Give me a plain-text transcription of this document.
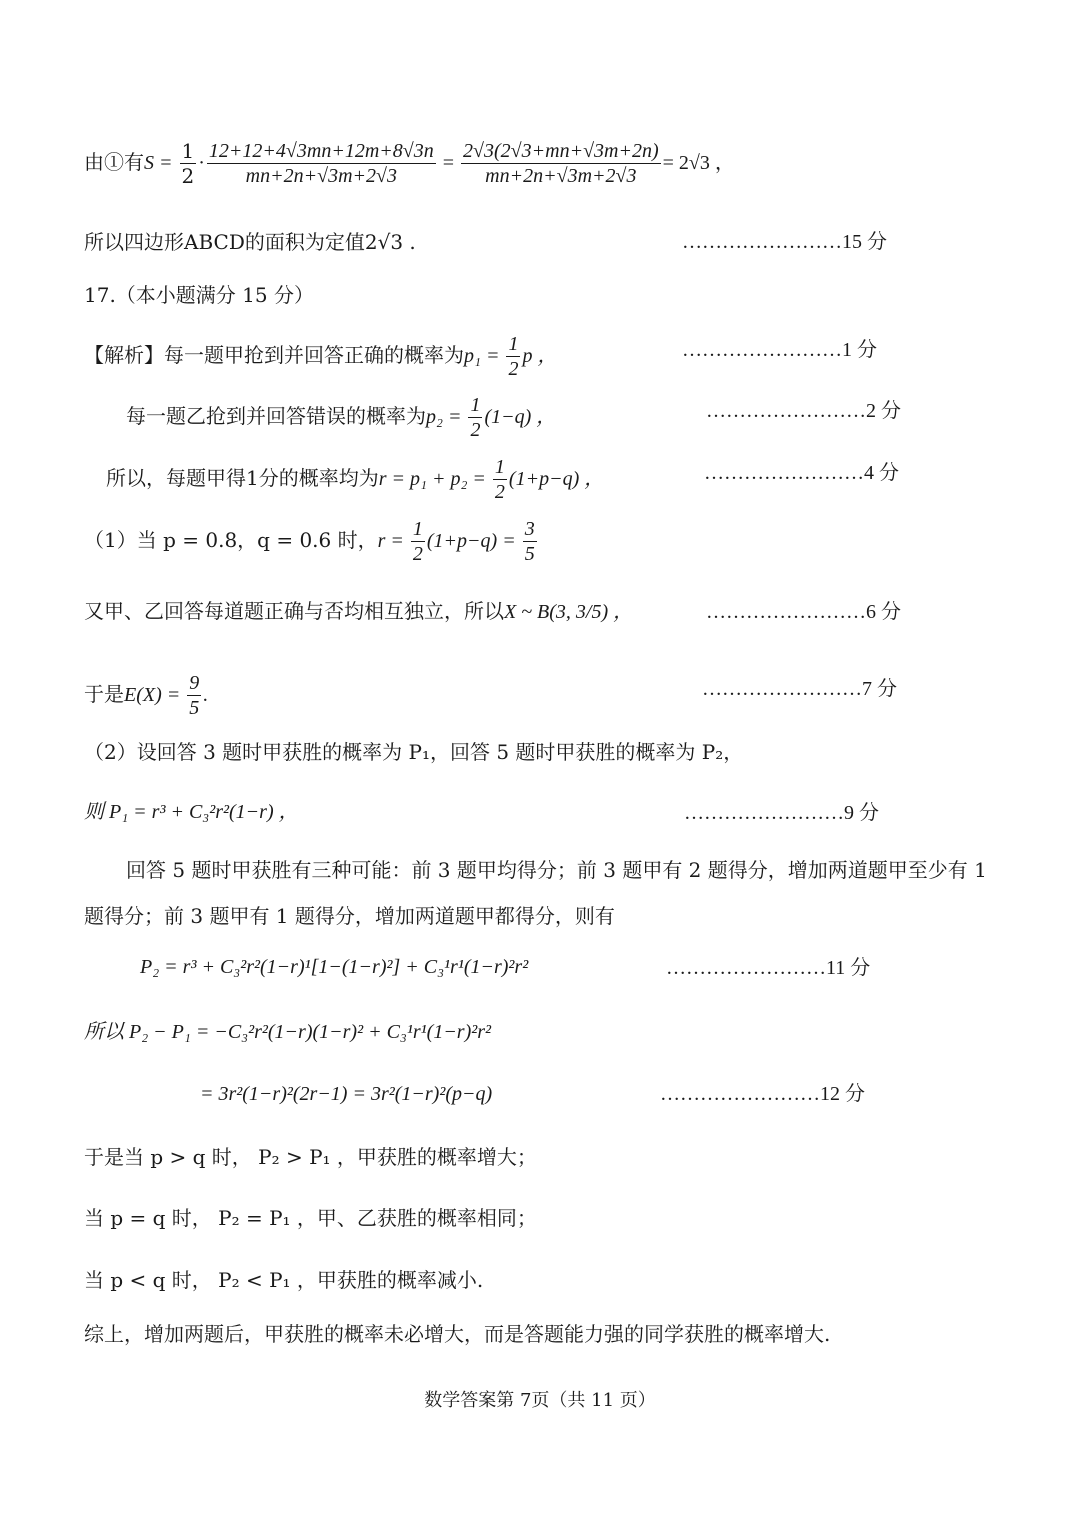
由①有$S = \frac{1}{2} \cdot \frac{12+12+4√3mn+12m+8√3n}{mn+2n+√3m+2√3} = \frac{2√3(2√3+mn+√3m+2n)}{mn+2n+√3m+2√3} = 2√3$ ，
所以四边形ABCD的面积为定值2√3 .	……………………15 分
17.（本小题满分 15 分）
【解析】每一题甲抢到并回答正确的概率为$p_1 = \frac{1}{2}$ p ，	……………………1 分
每一题乙抢到并回答错误的概率为$p_2 = \frac{1}{2} (1-q)$ ，	……………………2 分
所以，每题甲得1分的概率均为$r = p_1 + p_2 = \frac{1}{2} (1+p-q)$ ，	……………………4 分
（1）当 p = 0.8，q = 0.6 时，$r = \frac{1}{2} (1+p-q) = \frac{3}{5}$
又甲、乙回答每道题正确与否均相互独立，所以X ~ B(3, 3/5) ，	……………………6 分
于是$E(X) = \frac{9}{5}$ .	……………………7 分
（2）设回答 3 题时甲获胜的概率为 P₁，回答 5 题时甲获胜的概率为 P₂，
则 P₁ = r³ + C₃²r²(1−r) ，	……………………9 分
回答 5 题时甲获胜有三种可能：前 3 题甲均得分；前 3 题甲有 2 题得分，增加两道题甲至少有 1
题得分；前 3 题甲有 1 题得分，增加两道题甲都得分，则有
P₂ = r³ + C₃²r²(1−r)¹[1−(1−r)²] + C₃¹r¹(1−r)²r²	……………………11 分
所以 P₂ − P₁ = −C₃²r²(1−r)(1−r)² + C₃¹r¹(1−r)²r²
= 3r²(1−r)²(2r−1) = 3r²(1−r)²(p−q)	……………………12 分
于是当 p > q 时， P₂ > P₁ ，甲获胜的概率增大；
当 p = q 时， P₂ = P₁ ，甲、乙获胜的概率相同；
当 p < q 时， P₂ < P₁ ，甲获胜的概率减小.
综上，增加两题后，甲获胜的概率未必增大，而是答题能力强的同学获胜的概率增大.
数学答案第 7页（共 11 页）
